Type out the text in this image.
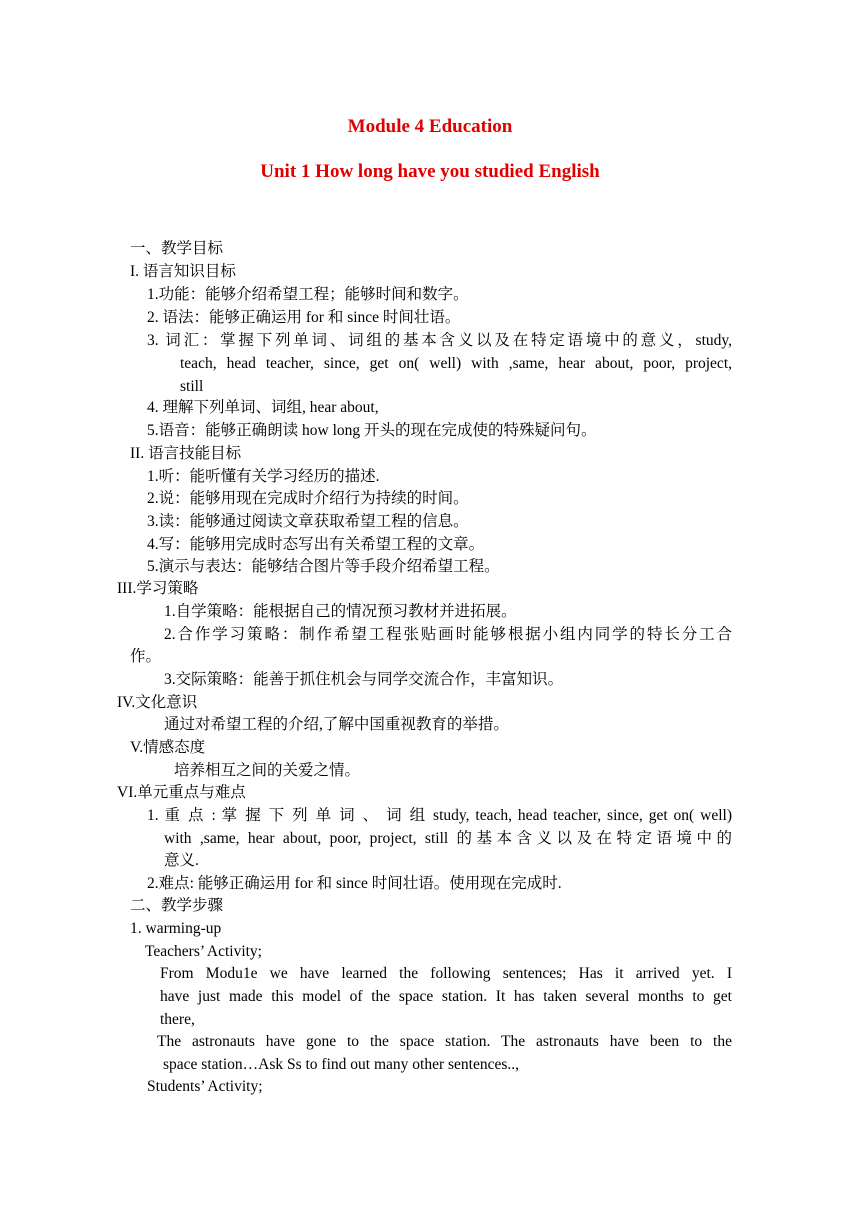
Module 4 Education
Unit 1 How long have you studied English
一、教学目标
I. 语言知识目标
1.功能：能够介绍希望工程；能够时间和数字。
2. 语法：能够正确运用 for 和 since 时间壮语。
3. 词汇：掌握下列单词、词组的基本含义以及在特定语境中的意义，study,
teach, head teacher, since, get on( well) with ,same, hear about, poor, project,
still
4. 理解下列单词、词组, hear about,
5.语音：能够正确朗读 how long 开头的现在完成使的特殊疑问句。
II. 语言技能目标
1.听：能听懂有关学习经历的描述.
2.说：能够用现在完成时介绍行为持续的时间。
3.读：能够通过阅读文章获取希望工程的信息。
4.写：能够用完成时态写出有关希望工程的文章。
5.演示与表达：能够结合图片等手段介绍希望工程。
III.学习策略
1.自学策略：能根据自己的情况预习教材并进拓展。
2.合作学习策略：制作希望工程张贴画时能够根据小组内同学的特长分工合
作。
3.交际策略：能善于抓住机会与同学交流合作，丰富知识。
IV.文化意识
通过对希望工程的介绍,了解中国重视教育的举措。
V.情感态度
培养相互之间的关爱之情。
VI.单元重点与难点
1. 重 点 : 掌 握 下 列 单 词 、 词 组 study, teach, head teacher, since, get on( well)
with ,same, hear about, poor, project, still 的基本含义以及在特定语境中的
意义.
2.难点: 能够正确运用 for 和 since 时间壮语。使用现在完成时.
二、教学步骤
1. warming-up
Teachers’ Activity;
From Modu1e we have learned the following sentences; Has it arrived yet. I
have just made this model of the space station. It has taken several months to get
there,
The astronauts have gone to the space station. The astronauts have been to the
space station…Ask Ss to find out many other sentences..,
Students’ Activity;
